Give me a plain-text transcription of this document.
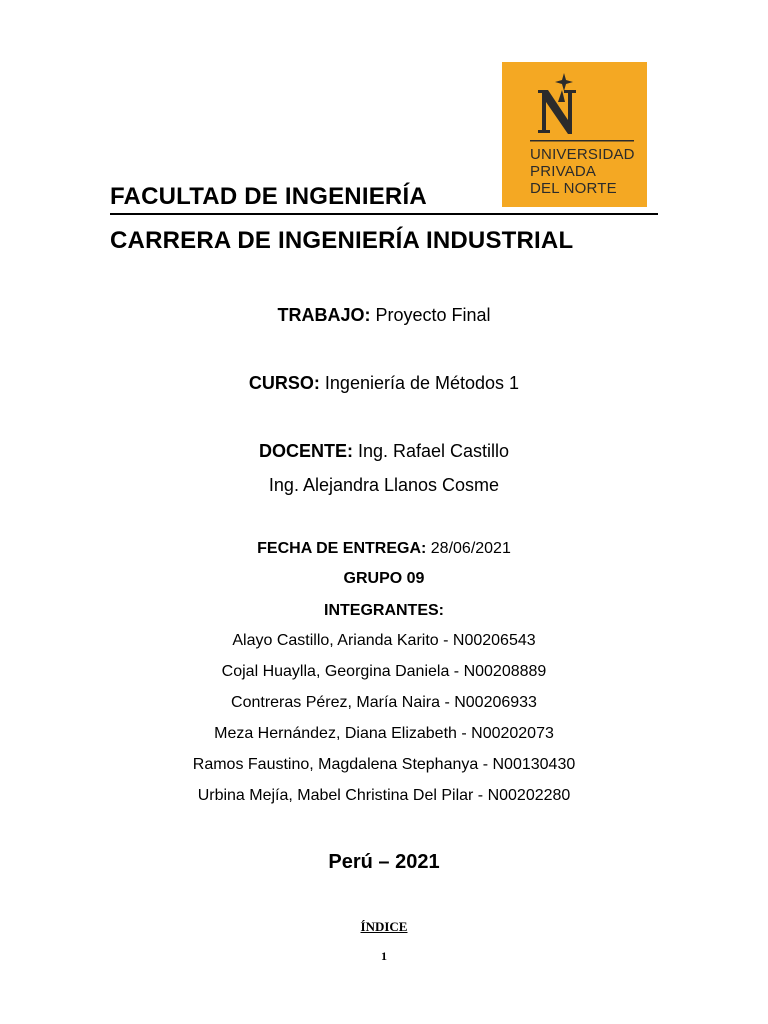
UNIVERSIDAD
PRIVADA
DEL NORTE
FACULTAD DE INGENIERÍA
CARRERA DE INGENIERÍA INDUSTRIAL
TRABAJO: Proyecto Final
CURSO: Ingeniería de Métodos 1
DOCENTE: Ing. Rafael Castillo
Ing. Alejandra Llanos Cosme
FECHA DE ENTREGA: 28/06/2021
GRUPO 09
INTEGRANTES:
Alayo Castillo, Arianda Karito - N00206543
Cojal Huaylla, Georgina Daniela - N00208889
Contreras Pérez, María Naira - N00206933
Meza Hernández, Diana Elizabeth - N00202073
Ramos Faustino, Magdalena Stephanya - N00130430
Urbina Mejía, Mabel Christina Del Pilar - N00202280
Perú – 2021
ÍNDICE
1
